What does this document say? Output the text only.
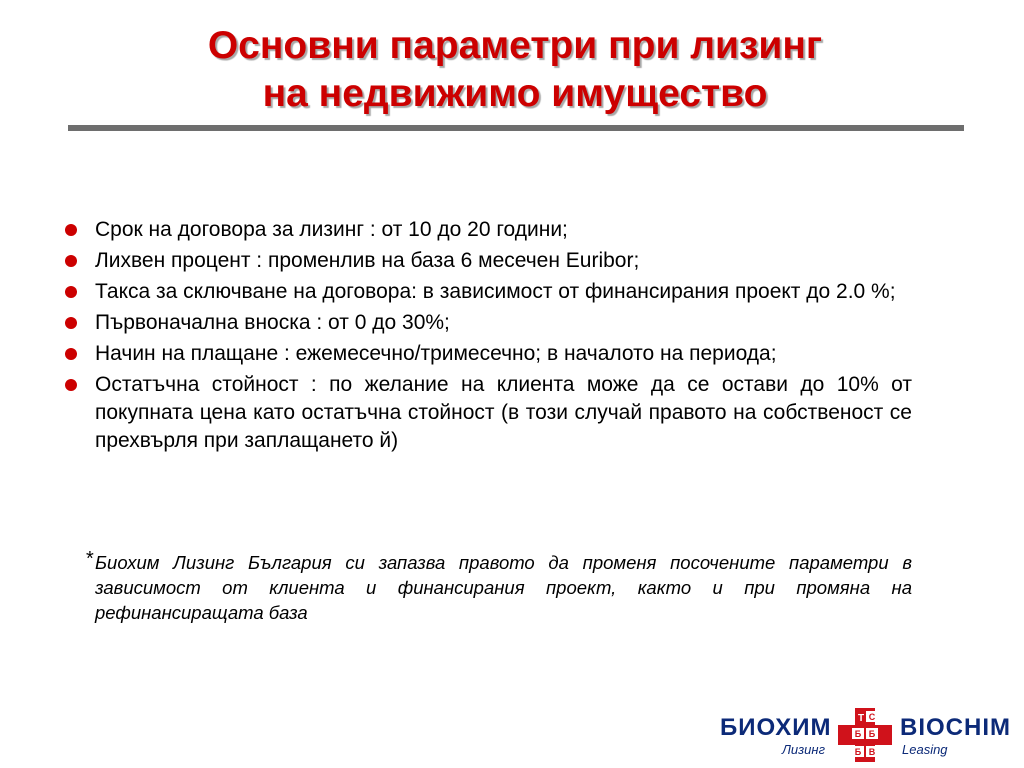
Основни параметри при лизинг
на недвижимо имущество
Срок на договора за лизинг : от 10 до 20 години;
Лихвен процент : променлив на база 6 месечен Euribor;
Такса за сключване на договора: в зависимост от финансирания проект до 2.0 %;
Първоначална вноска : от 0 до 30%;
Начин на плащане : ежемесечно/тримесечно; в началото на периода;
Остатъчна стойност : по желание на клиента може да се остави до 10% от покупната цена като остатъчна стойност (в този случай правото на собственост се прехвърля при заплащането й)
* Биохим Лизинг България си запазва правото да променя посочените параметри в зависимост от клиента и финансирания проект, както и при промяна на рефинансиращата база
БИОХИМ
Лизинг
Т С
Б Б
Б В
BIOCHIM
Leasing
